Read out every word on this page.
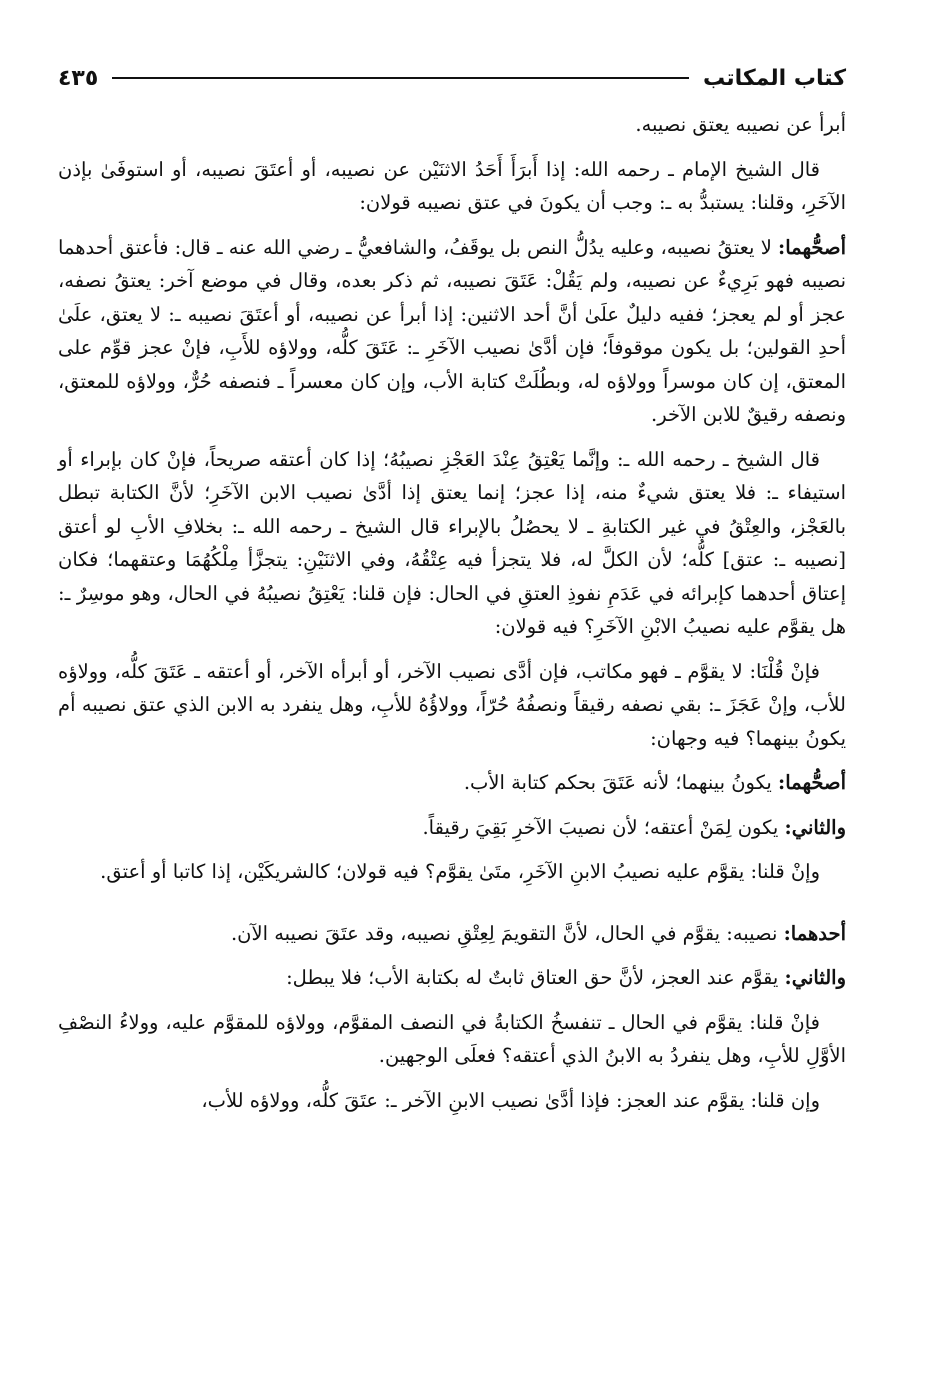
كتاب المكاتب
٤٣٥

أبرأ عن نصيبه يعتق نصيبه.

قال الشيخ الإمام ـ رحمه الله: إذا أَبرَأَ أَحَدُ الاثنَيْن عن نصيبه، أو أعتَقَ نصيبه، أو استوفَىٰ بإذن الآخَرِ، وقلنا: يستبدُّ به ـ: وجب أن يكونَ في عتق نصيبه قولان:

أصحُّهما: لا يعتقُ نصيبه، وعليه يدُلُّ النص بل يوقَفُ، والشافعيُّ ـ رضي الله عنه ـ قال: فأعتق أحدهما نصيبه فهو بَرِيءٌ عن نصيبه، ولم يَقُلْ: عَتَقَ نصيبه، ثم ذكر بعده، وقال في موضع آخر: يعتقُ نصفه، عجز أو لم يعجز؛ ففيه دليلٌ علَىٰ أنَّ أحد الاثنين: إذا أبرأ عن نصيبه، أو أعتَقَ نصيبه ـ: لا يعتق، علَىٰ أحدِ القولين؛ بل يكون موقوفاً؛ فإن أدَّىٰ نصيب الآخَرِ ـ: عَتَقَ كلُّه، وولاؤه للأَبِ، فإنْ عجز قوِّم على المعتق، إن كان موسراً وولاؤه له، وبطُلَتْ كتابة الأب، وإن كان معسراً ـ فنصفه حُرٌّ، وولاؤه للمعتق، ونصفه رقيقٌ للابن الآخر.

قال الشيخ ـ رحمه الله ـ: وإنَّما يَعْتِقُ عِنْدَ العَجْزِ نصيبُهُ؛ إذا كان أعتقه صريحاً، فإنْ كان بإبراء أو استيفاء ـ: فلا يعتق شيءٌ منه، إذا عجز؛ إنما يعتق إذا أدَّىٰ نصيب الابن الآخَرِ؛ لأنَّ الكتابة تبطل بالعَجْز، والعِتْقُ في غير الكتابةِ ـ لا يحصُلُ بالإبراء قال الشيخ ـ رحمه الله ـ: بخلافِ الأبِ لو أعتق [نصيبه ـ: عتق] كلُّه؛ لأن الكلَّ له، فلا يتجزأ فيه عِتْقُهُ، وفي الاثنَيْنِ: يتجزَّأ مِلْكُهُمَا وعتقهما؛ فكان إعتاق أحدهما كإبرائه في عَدَمِ نفوذِ العتقِ في الحال: فإن قلنا: يَعْتِقُ نصيبُهُ في الحال، وهو موسِرٌ ـ: هل يقوَّم عليه نصيبُ الابْنِ الآخَرِ؟ فيه قولان:

فإنْ قُلْنَا: لا يقوَّم ـ فهو مكاتب، فإن أدَّى نصيب الآخر، أو أبرأه الآخر، أو أعتقه ـ عَتَقَ كلُّه، وولاؤه للأب، وإنْ عَجَزَ ـ: بقي نصفه رقيقاً ونصفُهُ حُرّاً، وولاؤُهُ للأبِ، وهل ينفرد به الابن الذي عتق نصيبه أم يكونُ بينهما؟ فيه وجهان:

أصحُّهما: يكونُ بينهما؛ لأنه عَتَقَ بحكم كتابة الأب.

والثاني: يكون لِمَنْ أعتقه؛ لأن نصيبَ الآخرِ بَقِيَ رقيقاً.

وإنْ قلنا: يقوَّم عليه نصيبُ الابنِ الآخَرِ، متَىٰ يقوَّم؟ فيه قولان؛ كالشريكَيْن، إذا كاتبا أو أعتق.

أحدهما: نصيبه: يقوَّم في الحال، لأنَّ التقويمَ لِعِتْقِ نصيبه، وقد عتَقَ نصيبه الآن.

والثاني: يقوَّم عند العجز، لأنَّ حق العتاق ثابتٌ له بكتابة الأب؛ فلا يبطل:

فإنْ قلنا: يقوَّم في الحال ـ تنفسخُ الكتابةُ في النصف المقوَّم، وولاؤه للمقوَّم عليه، وولاءُ النصْفِ الأوَّلِ للأبِ، وهل ينفردُ به الابنُ الذي أعتقه؟ فعلَى الوجهين.

وإن قلنا: يقوَّم عند العجز: فإذا أدَّىٰ نصيب الابنِ الآخر ـ: عتَقَ كلُّه، وولاؤه للأب،
